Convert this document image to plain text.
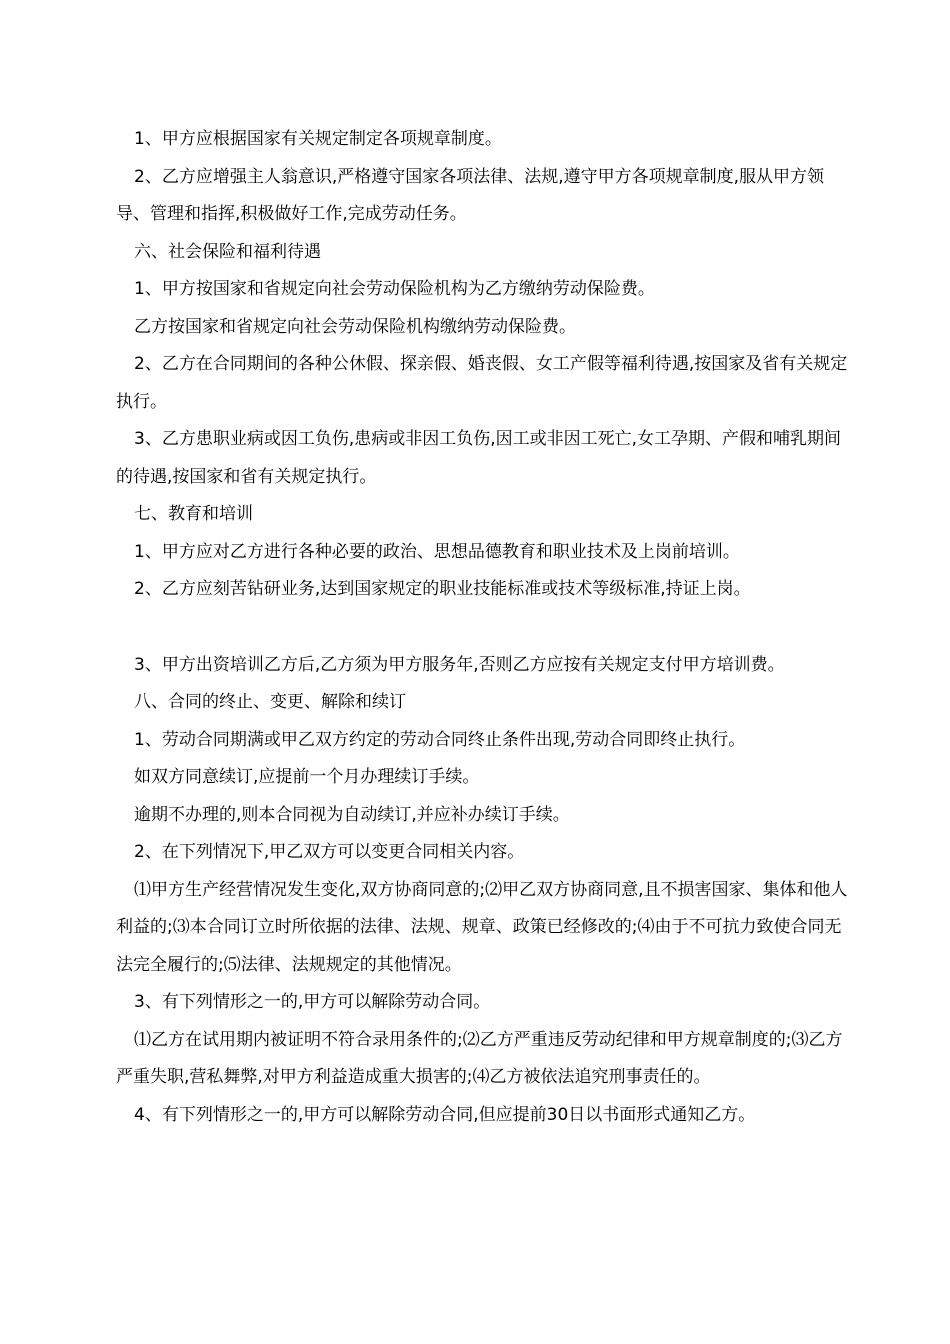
1、甲方应根据国家有关规定制定各项规章制度。

2、乙方应增强主人翁意识,严格遵守国家各项法律、法规,遵守甲方各项规章制度,服从甲方领导、管理和指挥,积极做好工作,完成劳动任务。

六、社会保险和福利待遇

1、甲方按国家和省规定向社会劳动保险机构为乙方缴纳劳动保险费。

乙方按国家和省规定向社会劳动保险机构缴纳劳动保险费。

2、乙方在合同期间的各种公休假、探亲假、婚丧假、女工产假等福利待遇,按国家及省有关规定执行。

3、乙方患职业病或因工负伤,患病或非因工负伤,因工或非因工死亡,女工孕期、产假和哺乳期间的待遇,按国家和省有关规定执行。

七、教育和培训

1、甲方应对乙方进行各种必要的政治、思想品德教育和职业技术及上岗前培训。

2、乙方应刻苦钻研业务,达到国家规定的职业技能标准或技术等级标准,持证上岗。

3、甲方出资培训乙方后,乙方须为甲方服务年,否则乙方应按有关规定支付甲方培训费。

八、合同的终止、变更、解除和续订

1、劳动合同期满或甲乙双方约定的劳动合同终止条件出现,劳动合同即终止执行。

如双方同意续订,应提前一个月办理续订手续。

逾期不办理的,则本合同视为自动续订,并应补办续订手续。

2、在下列情况下,甲乙双方可以变更合同相关内容。

⑴甲方生产经营情况发生变化,双方协商同意的;⑵甲乙双方协商同意,且不损害国家、集体和他人利益的;⑶本合同订立时所依据的法律、法规、规章、政策已经修改的;⑷由于不可抗力致使合同无法完全履行的;⑸法律、法规规定的其他情况。

3、有下列情形之一的,甲方可以解除劳动合同。

⑴乙方在试用期内被证明不符合录用条件的;⑵乙方严重违反劳动纪律和甲方规章制度的;⑶乙方严重失职,营私舞弊,对甲方利益造成重大损害的;⑷乙方被依法追究刑事责任的。

4、有下列情形之一的,甲方可以解除劳动合同,但应提前30日以书面形式通知乙方。
